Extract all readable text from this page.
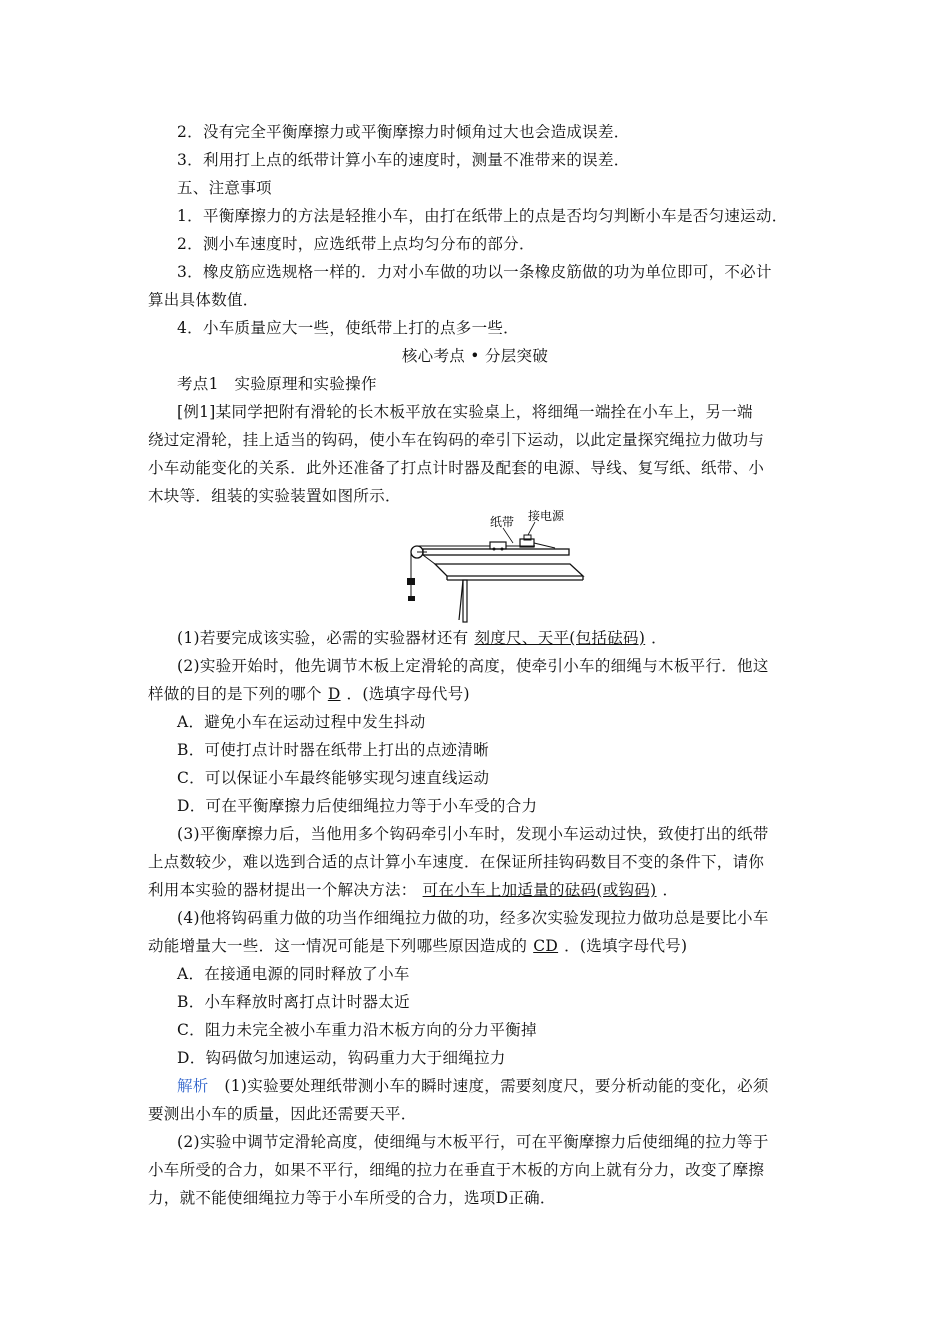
2．没有完全平衡摩擦力或平衡摩擦力时倾角过大也会造成误差．
3．利用打上点的纸带计算小车的速度时，测量不准带来的误差．
五、注意事项
1．平衡摩擦力的方法是轻推小车，由打在纸带上的点是否均匀判断小车是否匀速运动．
2．测小车速度时，应选纸带上点均匀分布的部分．
3．橡皮筋应选规格一样的．力对小车做的功以一条橡皮筋做的功为单位即可，不必计
算出具体数值．
4．小车质量应大一些，使纸带上打的点多一些．
核心考点 • 分层突破
考点1　实验原理和实验操作
[例1]某同学把附有滑轮的长木板平放在实验桌上，将细绳一端拴在小车上，另一端
绕过定滑轮，挂上适当的钩码，使小车在钩码的牵引下运动，以此定量探究绳拉力做功与
小车动能变化的关系．此外还准备了打点计时器及配套的电源、导线、复写纸、纸带、小
木块等．组装的实验装置如图所示．
纸带 接电源
(1)若要完成该实验，必需的实验器材还有 刻度尺、天平(包括砝码) ．
(2)实验开始时，他先调节木板上定滑轮的高度，使牵引小车的细绳与木板平行．他这
样做的目的是下列的哪个 D ．(选填字母代号)
A．避免小车在运动过程中发生抖动
B．可使打点计时器在纸带上打出的点迹清晰
C．可以保证小车最终能够实现匀速直线运动
D．可在平衡摩擦力后使细绳拉力等于小车受的合力
(3)平衡摩擦力后，当他用多个钩码牵引小车时，发现小车运动过快，致使打出的纸带
上点数较少，难以选到合适的点计算小车速度．在保证所挂钩码数目不变的条件下，请你
利用本实验的器材提出一个解决方法： 可在小车上加适量的砝码(或钩码) ．
(4)他将钩码重力做的功当作细绳拉力做的功，经多次实验发现拉力做功总是要比小车
动能增量大一些．这一情况可能是下列哪些原因造成的 CD ．(选填字母代号)
A．在接通电源的同时释放了小车
B．小车释放时离打点计时器太近
C．阻力未完全被小车重力沿木板方向的分力平衡掉
D．钩码做匀加速运动，钩码重力大于细绳拉力
解析　(1)实验要处理纸带测小车的瞬时速度，需要刻度尺，要分析动能的变化，必须
要测出小车的质量，因此还需要天平．
(2)实验中调节定滑轮高度，使细绳与木板平行，可在平衡摩擦力后使细绳的拉力等于
小车所受的合力，如果不平行，细绳的拉力在垂直于木板的方向上就有分力，改变了摩擦
力，就不能使细绳拉力等于小车所受的合力，选项D正确．
